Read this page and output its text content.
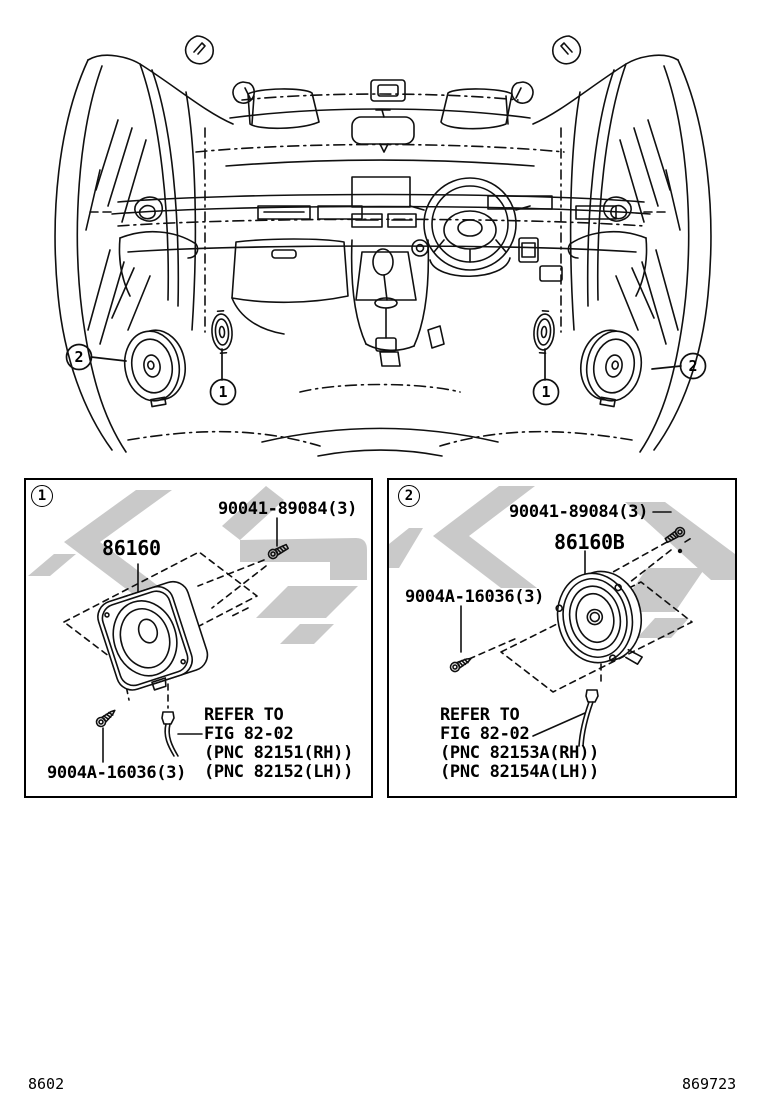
2
1	1
2
1
90041-89084(3)
86160
9004A-16036(3)
REFER TO
FIG 82-02
(PNC 82151(RH))
(PNC 82152(LH))
2
90041-89084(3)
86160B
9004A-16036(3)
REFER TO
FIG 82-02
(PNC 82153A(RH))
(PNC 82154A(LH))
8602	869723
